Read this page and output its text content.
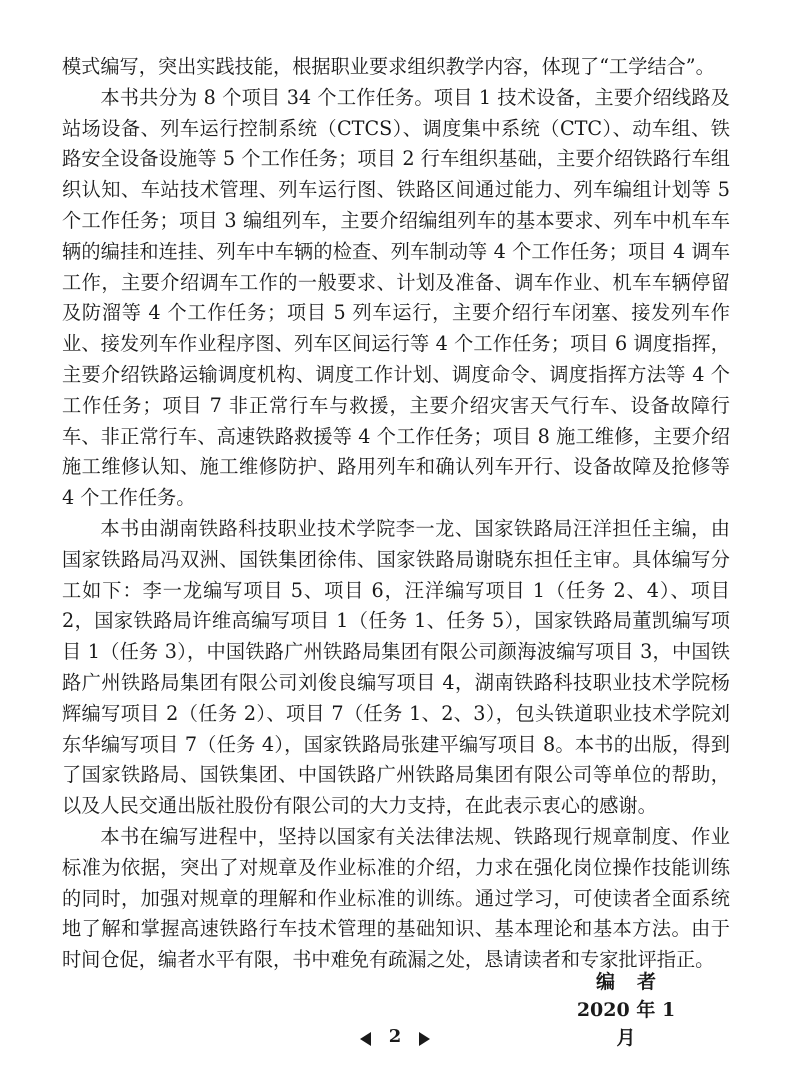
模式编写，突出实践技能，根据职业要求组织教学内容，体现了“工学结合”。

本书共分为 8 个项目 34 个工作任务。项目 1 技术设备，主要介绍线路及站场设备、列车运行控制系统（CTCS）、调度集中系统（CTC）、动车组、铁路安全设备设施等 5 个工作任务；项目 2 行车组织基础，主要介绍铁路行车组织认知、车站技术管理、列车运行图、铁路区间通过能力、列车编组计划等 5 个工作任务；项目 3 编组列车，主要介绍编组列车的基本要求、列车中机车车辆的编挂和连挂、列车中车辆的检查、列车制动等 4 个工作任务；项目 4 调车工作，主要介绍调车工作的一般要求、计划及准备、调车作业、机车车辆停留及防溜等 4 个工作任务；项目 5 列车运行，主要介绍行车闭塞、接发列车作业、接发列车作业程序图、列车区间运行等 4 个工作任务；项目 6 调度指挥，主要介绍铁路运输调度机构、调度工作计划、调度命令、调度指挥方法等 4 个工作任务；项目 7 非正常行车与救援，主要介绍灾害天气行车、设备故障行车、非正常行车、高速铁路救援等 4 个工作任务；项目 8 施工维修，主要介绍施工维修认知、施工维修防护、路用列车和确认列车开行、设备故障及抢修等 4 个工作任务。

本书由湖南铁路科技职业技术学院李一龙、国家铁路局汪洋担任主编，由国家铁路局冯双洲、国铁集团徐伟、国家铁路局谢晓东担任主审。具体编写分工如下：李一龙编写项目 5、项目 6，汪洋编写项目 1（任务 2、4）、项目 2，国家铁路局许维高编写项目 1（任务 1、任务 5），国家铁路局董凯编写项目 1（任务 3），中国铁路广州铁路局集团有限公司颜海波编写项目 3，中国铁路广州铁路局集团有限公司刘俊良编写项目 4，湖南铁路科技职业技术学院杨辉编写项目 2（任务 2）、项目 7（任务 1、2、3），包头铁道职业技术学院刘东华编写项目 7（任务 4），国家铁路局张建平编写项目 8。本书的出版，得到了国家铁路局、国铁集团、中国铁路广州铁路局集团有限公司等单位的帮助，以及人民交通出版社股份有限公司的大力支持，在此表示衷心的感谢。

本书在编写进程中，坚持以国家有关法律法规、铁路现行规章制度、作业标准为依据，突出了对规章及作业标准的介绍，力求在强化岗位操作技能训练的同时，加强对规章的理解和作业标准的训练。通过学习，可使读者全面系统地了解和掌握高速铁路行车技术管理的基础知识、基本理论和基本方法。由于时间仓促，编者水平有限，书中难免有疏漏之处，恳请读者和专家批评指正。

编者
2020 年 1 月
2
